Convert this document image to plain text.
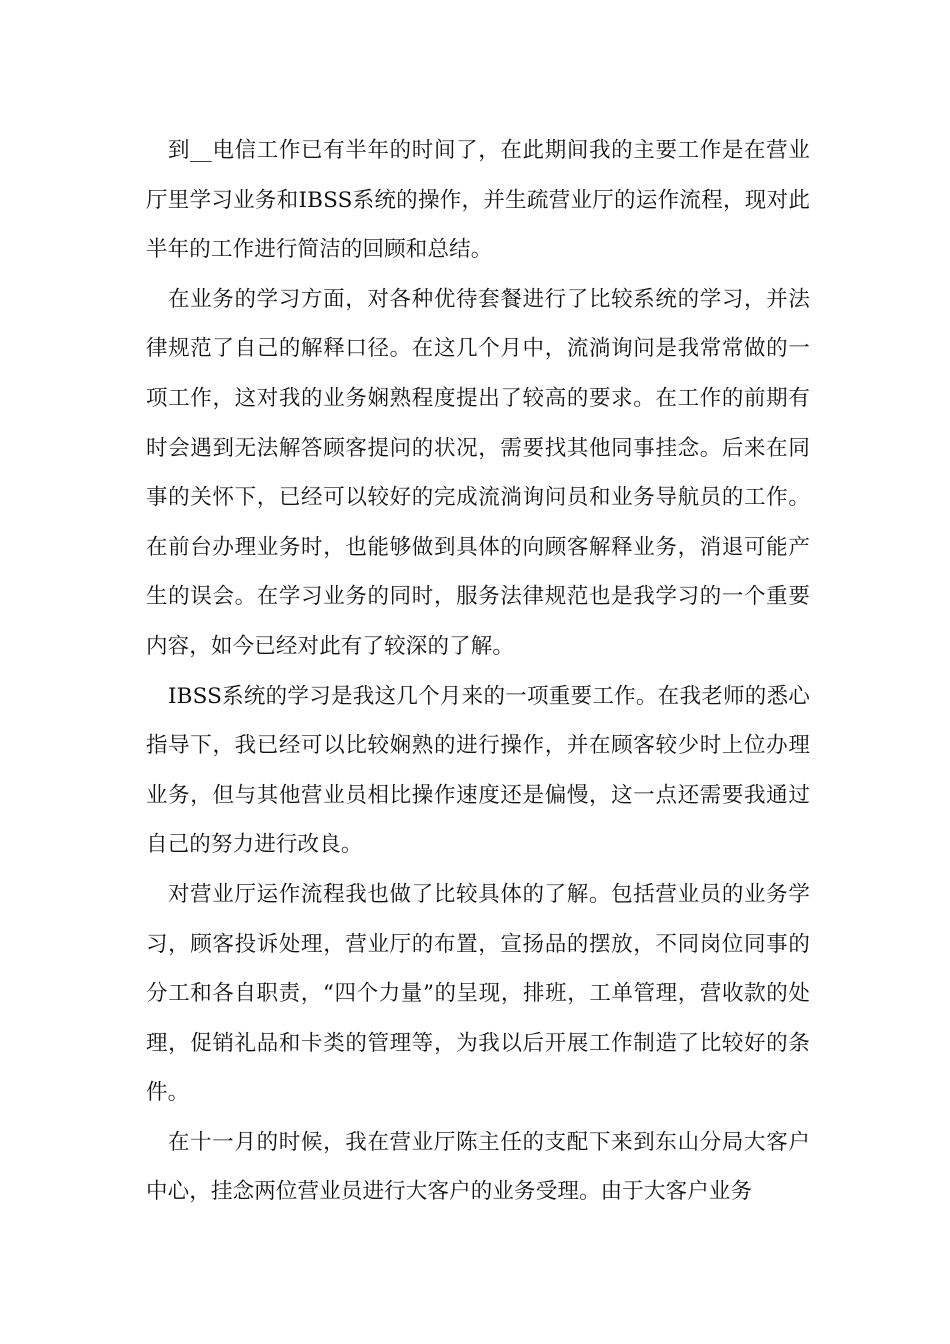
到__电信工作已有半年的时间了，在此期间我的主要工作是在营业厅里学习业务和IBSS系统的操作，并生疏营业厅的运作流程，现对此半年的工作进行简洁的回顾和总结。

在业务的学习方面，对各种优待套餐进行了比较系统的学习，并法律规范了自己的解释口径。在这几个月中，流淌询问是我常常做的一项工作，这对我的业务娴熟程度提出了较高的要求。在工作的前期有时会遇到无法解答顾客提问的状况，需要找其他同事挂念。后来在同事的关怀下，已经可以较好的完成流淌询问员和业务导航员的工作。在前台办理业务时，也能够做到具体的向顾客解释业务，消退可能产生的误会。在学习业务的同时，服务法律规范也是我学习的一个重要内容，如今已经对此有了较深的了解。

IBSS系统的学习是我这几个月来的一项重要工作。在我老师的悉心指导下，我已经可以比较娴熟的进行操作，并在顾客较少时上位办理业务，但与其他营业员相比操作速度还是偏慢，这一点还需要我通过自己的努力进行改良。

对营业厅运作流程我也做了比较具体的了解。包括营业员的业务学习，顾客投诉处理，营业厅的布置，宣扬品的摆放，不同岗位同事的分工和各自职责，“四个力量”的呈现，排班，工单管理，营收款的处理，促销礼品和卡类的管理等，为我以后开展工作制造了比较好的条件。

在十一月的时候，我在营业厅陈主任的支配下来到东山分局大客户中心，挂念两位营业员进行大客户的业务受理。由于大客户业务
